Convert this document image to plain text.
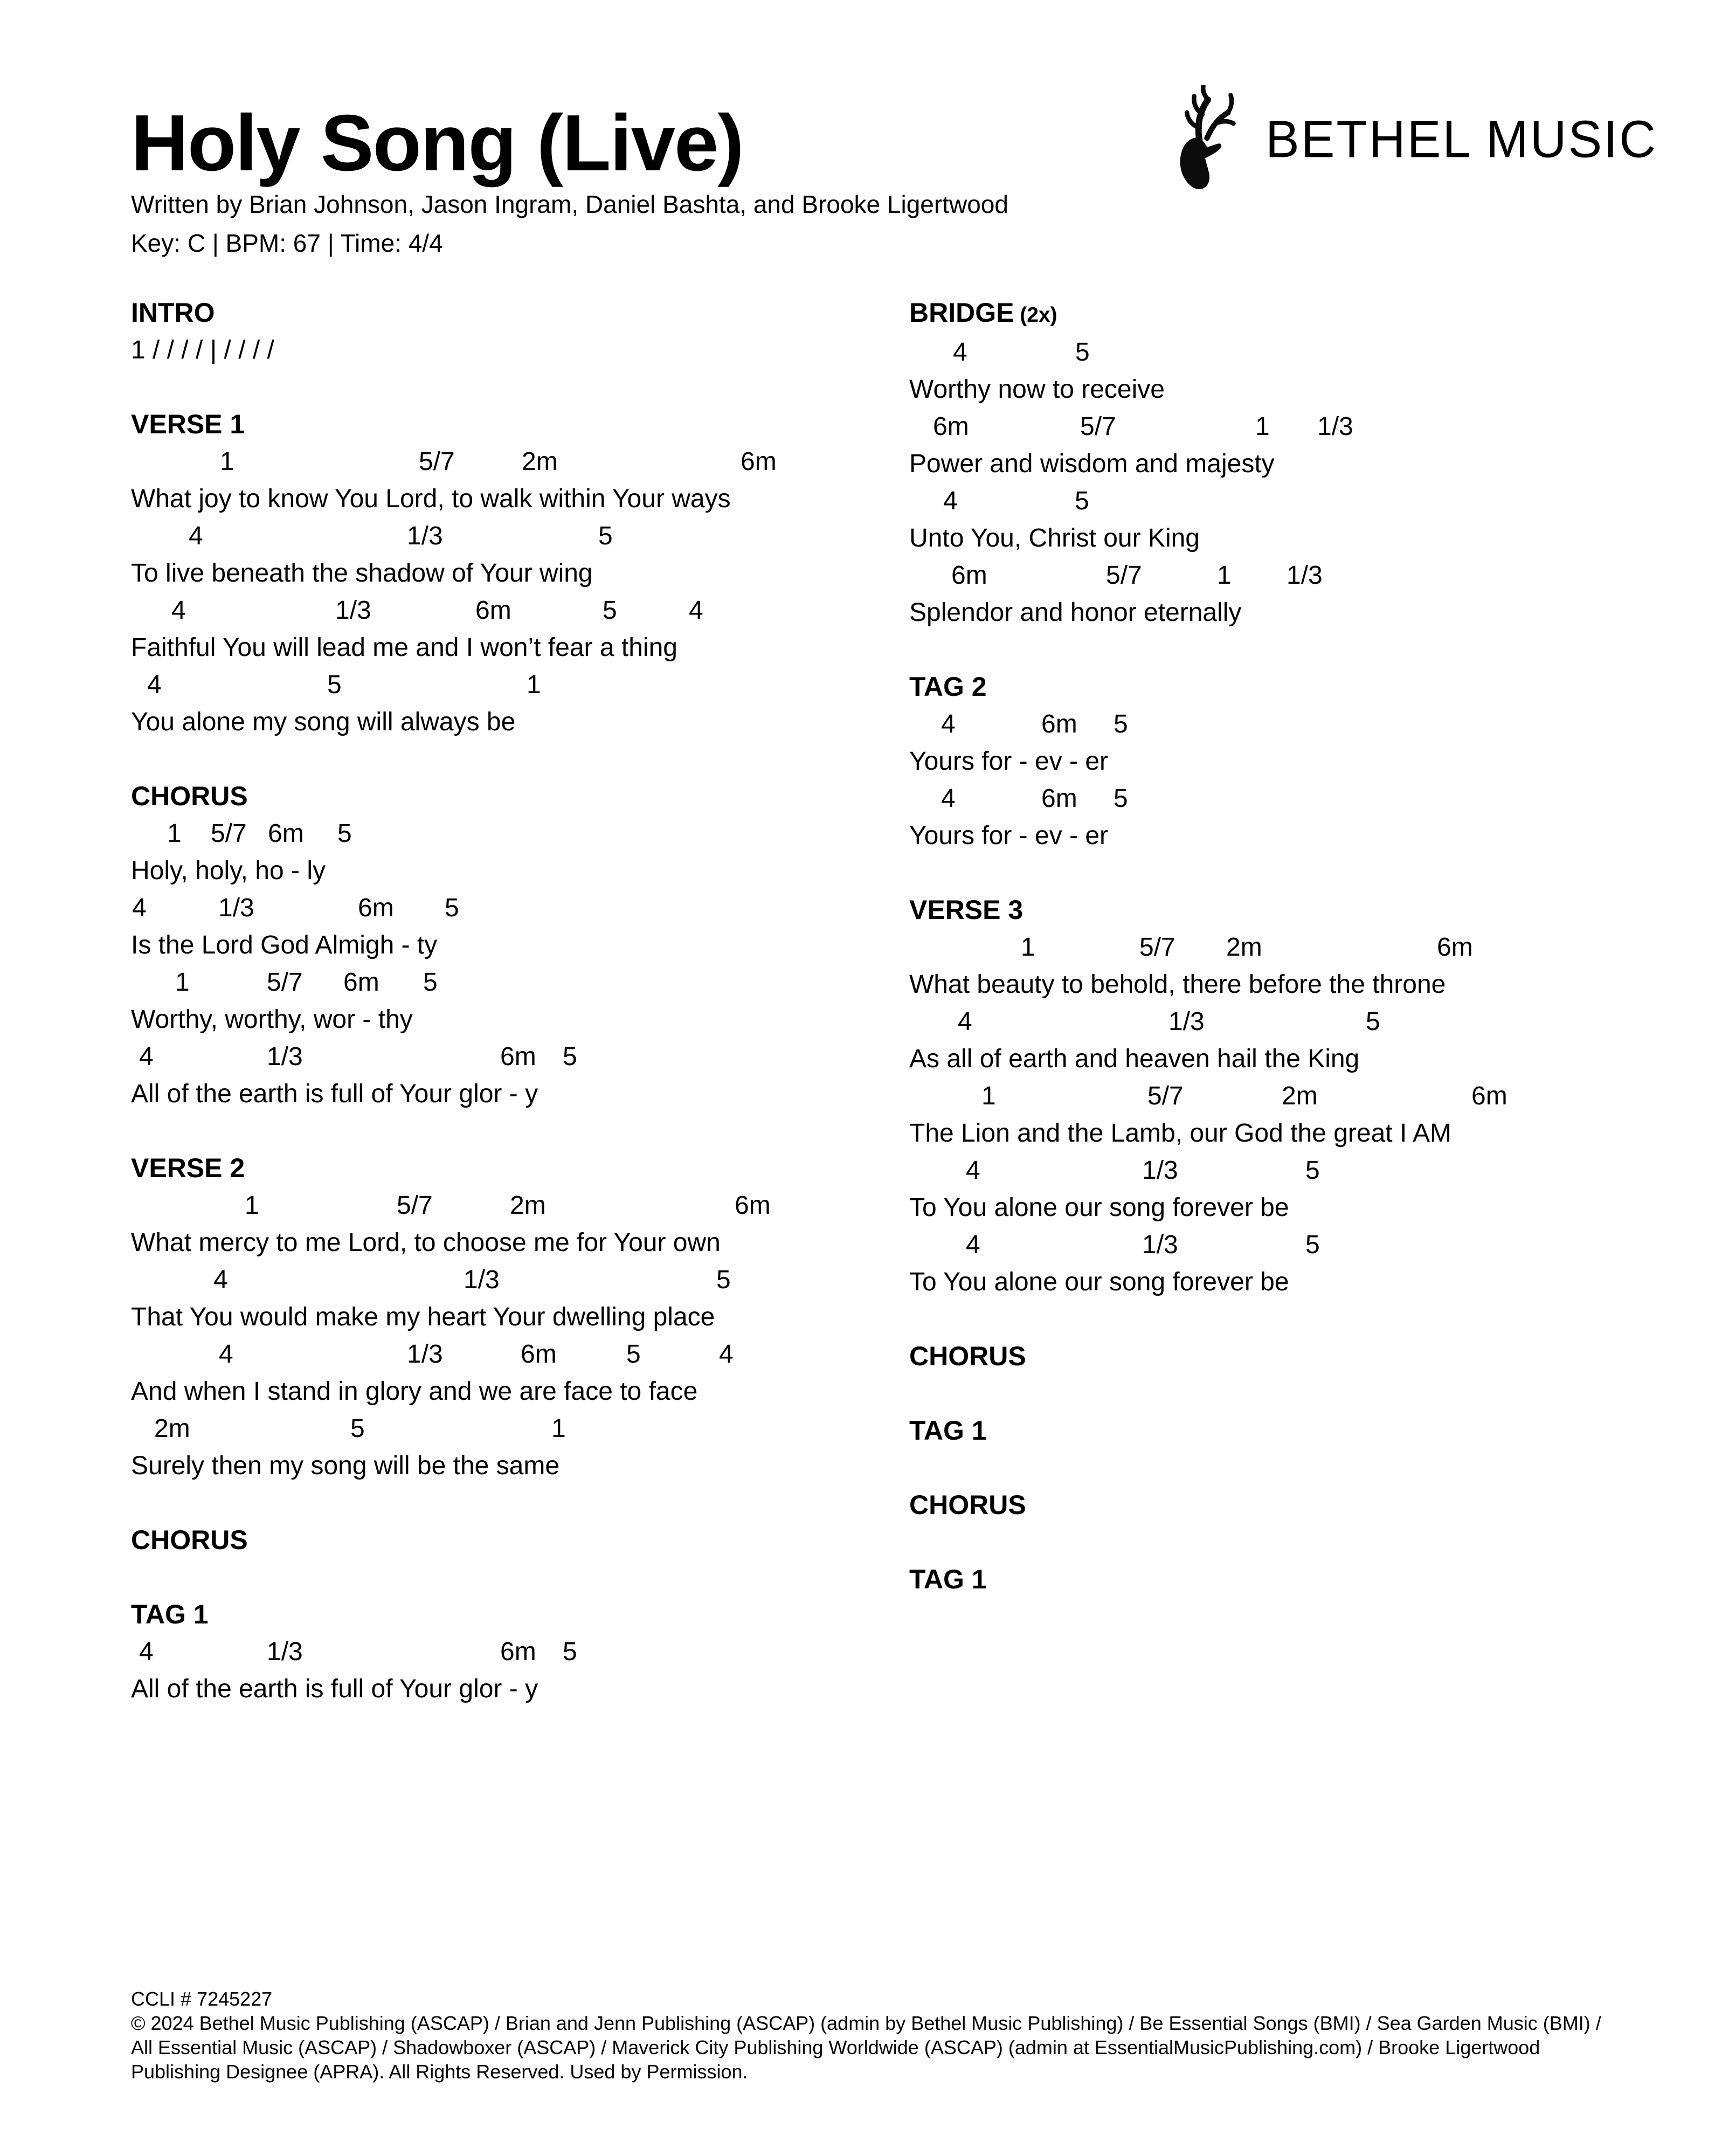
Holy Song (Live)
Written by Brian Johnson, Jason Ingram, Daniel Bashta, and Brooke Ligertwood
Key: C | BPM: 67 | Time: 4/4
BETHEL MUSIC
INTRO
1 / / / / | / / / /
VERSE 1
1	5/7	2m	6m
What joy to know You Lord, to walk within Your ways
4	1/3	5
To live beneath the shadow of Your wing
4	1/3	6m	5	4
Faithful You will lead me and I won’t fear a thing
4	5	1
You alone my song will always be
CHORUS
1 5/7 6m 5
Holy, holy, ho - ly
4	1/3	6m 5
Is the Lord God Almigh - ty
1	5/7 6m 5
Worthy, worthy, wor - thy
4	1/3	6m 5
All of the earth is full of Your glor - y
VERSE 2
1	5/7	2m	6m
What mercy to me Lord, to choose me for Your own
4	1/3	5
That You would make my heart Your dwelling place
4	1/3	6m	5	4
And when I stand in glory and we are face to face
2m	5	1
Surely then my song will be the same
CHORUS
TAG 1
4	1/3	6m 5
All of the earth is full of Your glor - y
BRIDGE (2x)
4	5
Worthy now to receive
6m	5/7	1 1/3
Power and wisdom and majesty
4	5
Unto You, Christ our King
6m	5/7	1 1/3
Splendor and honor eternally
TAG 2
4	6m 5
Yours for - ev - er
4	6m 5
Yours for - ev - er
VERSE 3
1	5/7 2m	6m
What beauty to behold, there before the throne
4	1/3	5
As all of earth and heaven hail the King
1	5/7	2m	6m
The Lion and the Lamb, our God the great I AM
4	1/3	5
To You alone our song forever be
4	1/3	5
To You alone our song forever be
CHORUS
TAG 1
CHORUS
TAG 1
CCLI # 7245227
© 2024 Bethel Music Publishing (ASCAP) / Brian and Jenn Publishing (ASCAP) (admin by Bethel Music Publishing) / Be Essential Songs (BMI) / Sea Garden Music (BMI) /
All Essential Music (ASCAP) / Shadowboxer (ASCAP) / Maverick City Publishing Worldwide (ASCAP) (admin at EssentialMusicPublishing.com) / Brooke Ligertwood
Publishing Designee (APRA). All Rights Reserved. Used by Permission.
